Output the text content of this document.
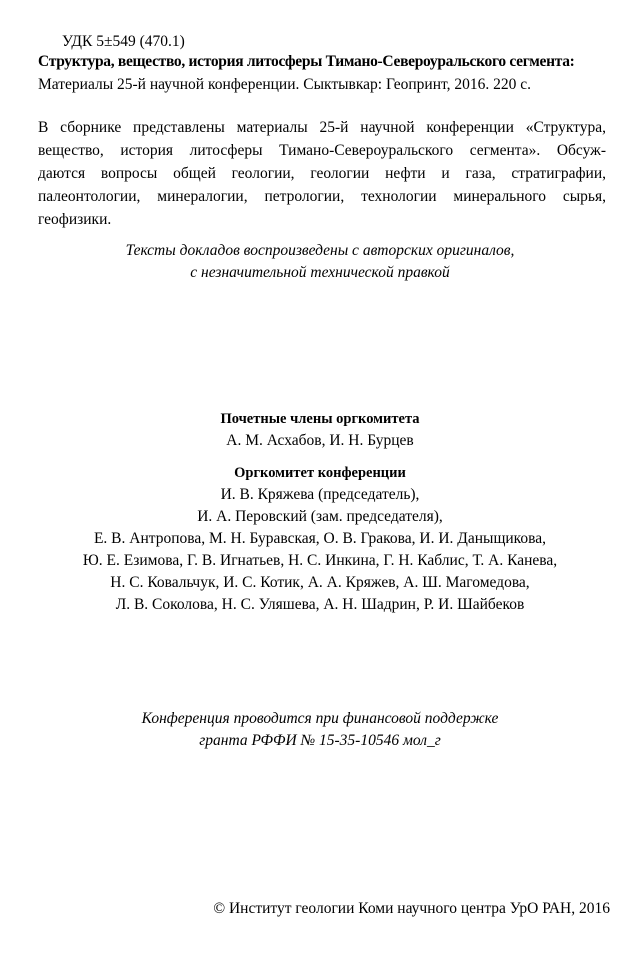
УДК 5±549 (470.1)
Структура, вещество, история литосферы Тимано-Североуральского сегмента:
Материалы 25-й научной конференции. Сыктывкар: Геопринт, 2016. 220 с.
В сборнике представлены материалы 25-й научной конференции «Структура,
вещество, история литосферы Тимано-Североуральского сегмента». Обсуж-
даются вопросы общей геологии, геологии нефти и газа, стратиграфии,
палеонтологии, минералогии, петрологии, технологии минерального сырья,
геофизики.
Тексты докладов воспроизведены с авторских оригиналов,
с незначительной технической правкой
Почетные члены оргкомитета
А. М. Асхабов, И. Н. Бурцев
Оргкомитет конференции
И. В. Кряжева (председатель),
И. А. Перовский (зам. председателя),
Е. В. Антропова, М. Н. Буравская, О. В. Гракова, И. И. Даныщикова,
Ю. Е. Езимова, Г. В. Игнатьев, Н. С. Инкина, Г. Н. Каблис, Т. А. Канева,
Н. С. Ковальчук, И. С. Котик, А. А. Кряжев, А. Ш. Магомедова,
Л. В. Соколова, Н. С. Уляшева, А. Н. Шадрин, Р. И. Шайбеков
Конференция проводится при финансовой поддержке
гранта РФФИ № 15-35-10546 мол_г
© Институт геологии Коми научного центра УрО РАН, 2016
